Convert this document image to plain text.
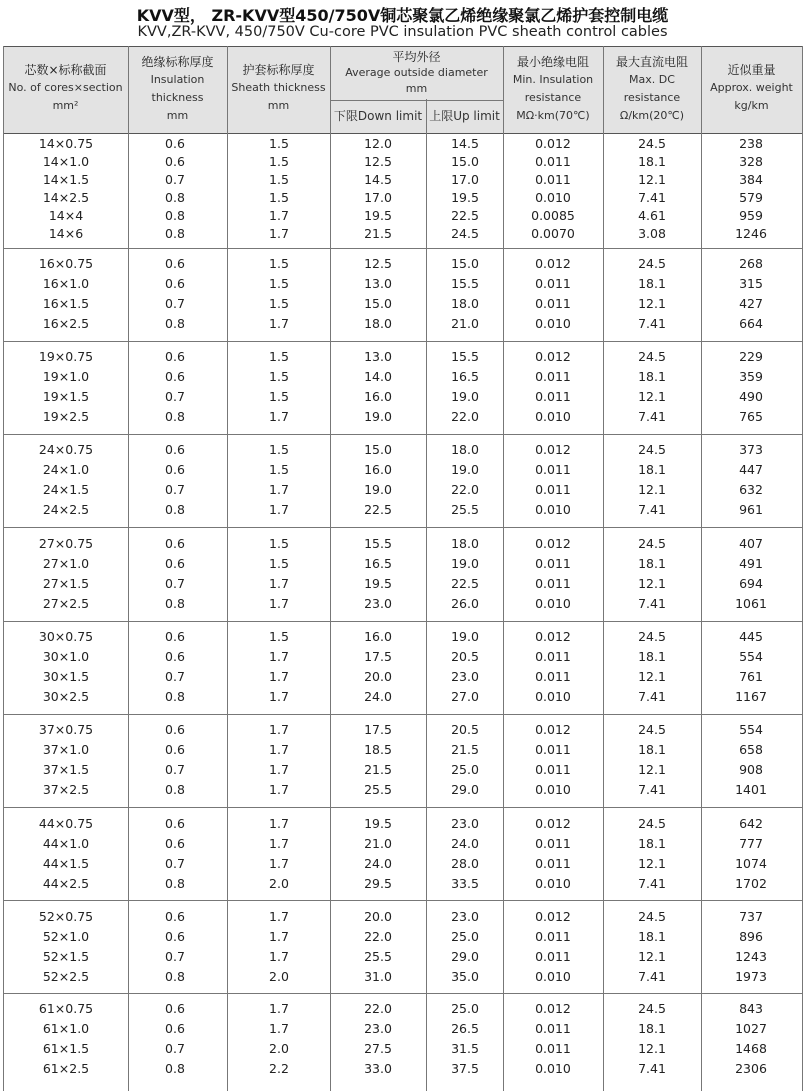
KVV型， ZR-KVV型450/750V铜芯聚氯乙烯绝缘聚氯乙烯护套控制电缆
KVV,ZR-KVV, 450/750V Cu-core PVC insulation PVC sheath control cables
芯数×标称截面
No. of cores×section
mm²
绝缘标称厚度
Insulation
thickness
mm
护套标称厚度
Sheath thickness
mm
平均外径
Average outside diameter
mm
下限Down limit 上限Up limit
最小绝缘电阻
Min. Insulation
resistance
MΩ·km(70℃)
最大直流电阻
Max. DC
resistance
Ω/km(20℃)
近似重量
Approx. weight
kg/km
14×0.75	0.6	1.5	12.0	14.5	0.012	24.5	238
14×1.0	0.6	1.5	12.5	15.0	0.011	18.1	328
14×1.5	0.7	1.5	14.5	17.0	0.011	12.1	384
14×2.5	0.8	1.5	17.0	19.5	0.010	7.41	579
14×4	0.8	1.7	19.5	22.5	0.0085	4.61	959
14×6	0.8	1.7	21.5	24.5	0.0070	3.08	1246
16×0.75	0.6	1.5	12.5	15.0	0.012	24.5	268
16×1.0	0.6	1.5	13.0	15.5	0.011	18.1	315
16×1.5	0.7	1.5	15.0	18.0	0.011	12.1	427
16×2.5	0.8	1.7	18.0	21.0	0.010	7.41	664
19×0.75	0.6	1.5	13.0	15.5	0.012	24.5	229
19×1.0	0.6	1.5	14.0	16.5	0.011	18.1	359
19×1.5	0.7	1.5	16.0	19.0	0.011	12.1	490
19×2.5	0.8	1.7	19.0	22.0	0.010	7.41	765
24×0.75	0.6	1.5	15.0	18.0	0.012	24.5	373
24×1.0	0.6	1.5	16.0	19.0	0.011	18.1	447
24×1.5	0.7	1.7	19.0	22.0	0.011	12.1	632
24×2.5	0.8	1.7	22.5	25.5	0.010	7.41	961
27×0.75	0.6	1.5	15.5	18.0	0.012	24.5	407
27×1.0	0.6	1.5	16.5	19.0	0.011	18.1	491
27×1.5	0.7	1.7	19.5	22.5	0.011	12.1	694
27×2.5	0.8	1.7	23.0	26.0	0.010	7.41	1061
30×0.75	0.6	1.5	16.0	19.0	0.012	24.5	445
30×1.0	0.6	1.7	17.5	20.5	0.011	18.1	554
30×1.5	0.7	1.7	20.0	23.0	0.011	12.1	761
30×2.5	0.8	1.7	24.0	27.0	0.010	7.41	1167
37×0.75	0.6	1.7	17.5	20.5	0.012	24.5	554
37×1.0	0.6	1.7	18.5	21.5	0.011	18.1	658
37×1.5	0.7	1.7	21.5	25.0	0.011	12.1	908
37×2.5	0.8	1.7	25.5	29.0	0.010	7.41	1401
44×0.75	0.6	1.7	19.5	23.0	0.012	24.5	642
44×1.0	0.6	1.7	21.0	24.0	0.011	18.1	777
44×1.5	0.7	1.7	24.0	28.0	0.011	12.1	1074
44×2.5	0.8	2.0	29.5	33.5	0.010	7.41	1702
52×0.75	0.6	1.7	20.0	23.0	0.012	24.5	737
52×1.0	0.6	1.7	22.0	25.0	0.011	18.1	896
52×1.5	0.7	1.7	25.5	29.0	0.011	12.1	1243
52×2.5	0.8	2.0	31.0	35.0	0.010	7.41	1973
61×0.75	0.6	1.7	22.0	25.0	0.012	24.5	843
61×1.0	0.6	1.7	23.0	26.5	0.011	18.1	1027
61×1.5	0.7	2.0	27.5	31.5	0.011	12.1	1468
61×2.5	0.8	2.2	33.0	37.5	0.010	7.41	2306
